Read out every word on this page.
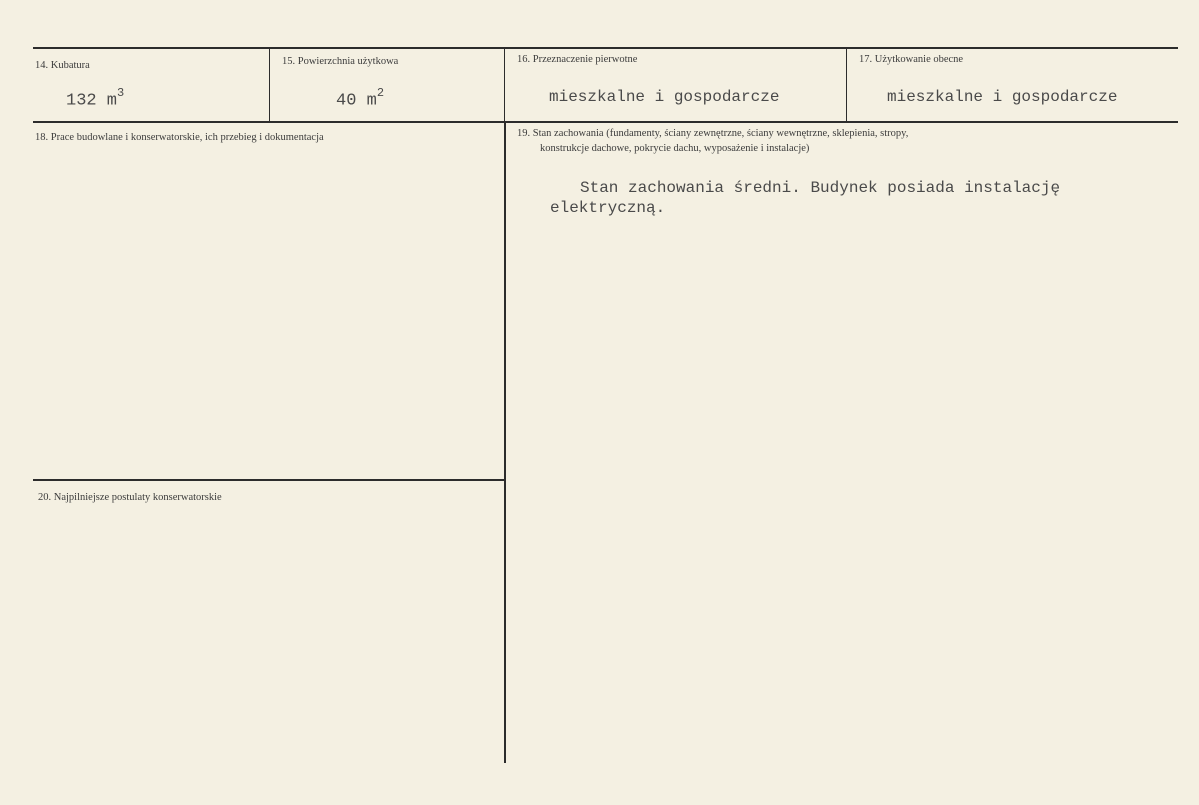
14. Kubatura
132 $m^3$
15. Powierzchnia użytkowa
40 $m^2$
16. Przeznaczenie pierwotne
mieszkalne i gospodarcze
17. Użytkowanie obecne
mieszkalne i gospodarcze
18. Prace budowlane i konserwatorskie, ich przebieg i dokumentacja	19. Stan zachowania (fundamenty, ściany zewnętrzne, ściany wewnętrzne, sklepienia, stropy,
konstrukcje dachowe, pokrycie dachu, wyposażenie i instalacje)
Stan zachowania średni. Budynek posiada instalację
elektryczną.
20. Najpilniejsze postulaty konserwatorskie
